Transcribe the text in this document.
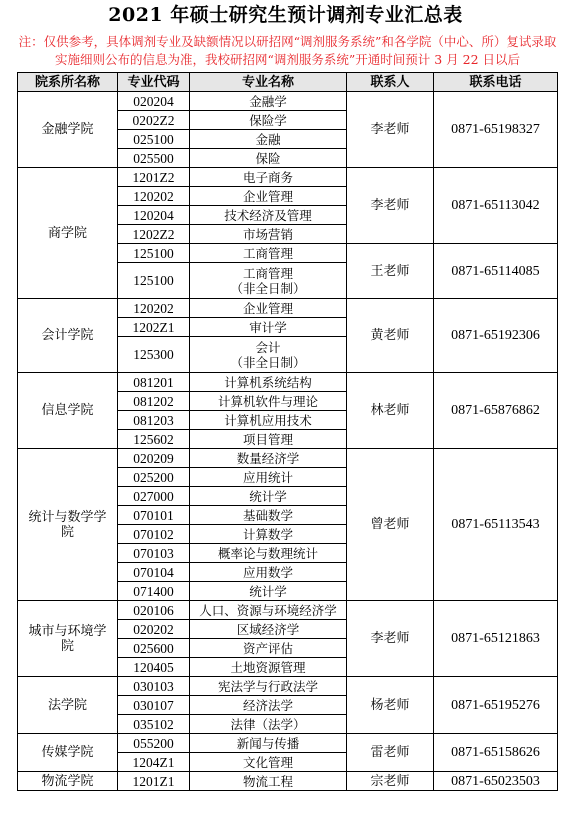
2021 年硕士研究生预计调剂专业汇总表
注：仅供参考，具体调剂专业及缺额情况以研招网“调剂服务系统”和各学院（中心、所）复试录取实施细则公布的信息为准，我校研招网“调剂服务系统”开通时间预计 3 月 22 日以后
院系所名称	专业代码	专业名称	联系人	联系电话

金融学院	020204	金融学	李老师	0871-65198327
	0202Z2	保险学		

	025100	金融		

	025500	保险		

商学院	1201Z2	电子商务	李老师	0871-65113042
	120202	企业管理		

	120204	技术经济及管理		

	1202Z2	市场营销		

	125100	工商管理	王老师	0871-65114085
	125100	工商管理
（非全日制）		

会计学院	120202	企业管理	黄老师	0871-65192306
	1202Z1	审计学		

	125300	会计
（非全日制）		

信息学院	081201	计算机系统结构	林老师	0871-65876862
	081202	计算机软件与理论		

	081203	计算机应用技术		

	125602	项目管理		

统计与数学学
院	020209	数量经济学	曾老师	0871-65113543
	025200	应用统计		

	027000	统计学		

	070101	基础数学		

	070102	计算数学		

	070103	概率论与数理统计		

	070104	应用数学		

	071400	统计学		

城市与环境学
院	020106	人口、资源与环境经济学	李老师	0871-65121863
	020202	区域经济学		

	025600	资产评估		

	120405	土地资源管理		

法学院	030103	宪法学与行政法学	杨老师	0871-65195276
	030107	经济法学		

	035102	法律（法学）		

传媒学院	055200	新闻与传播	雷老师	0871-65158626
	1204Z1	文化管理		

物流学院	1201Z1	物流工程	宗老师	0871-65023503
